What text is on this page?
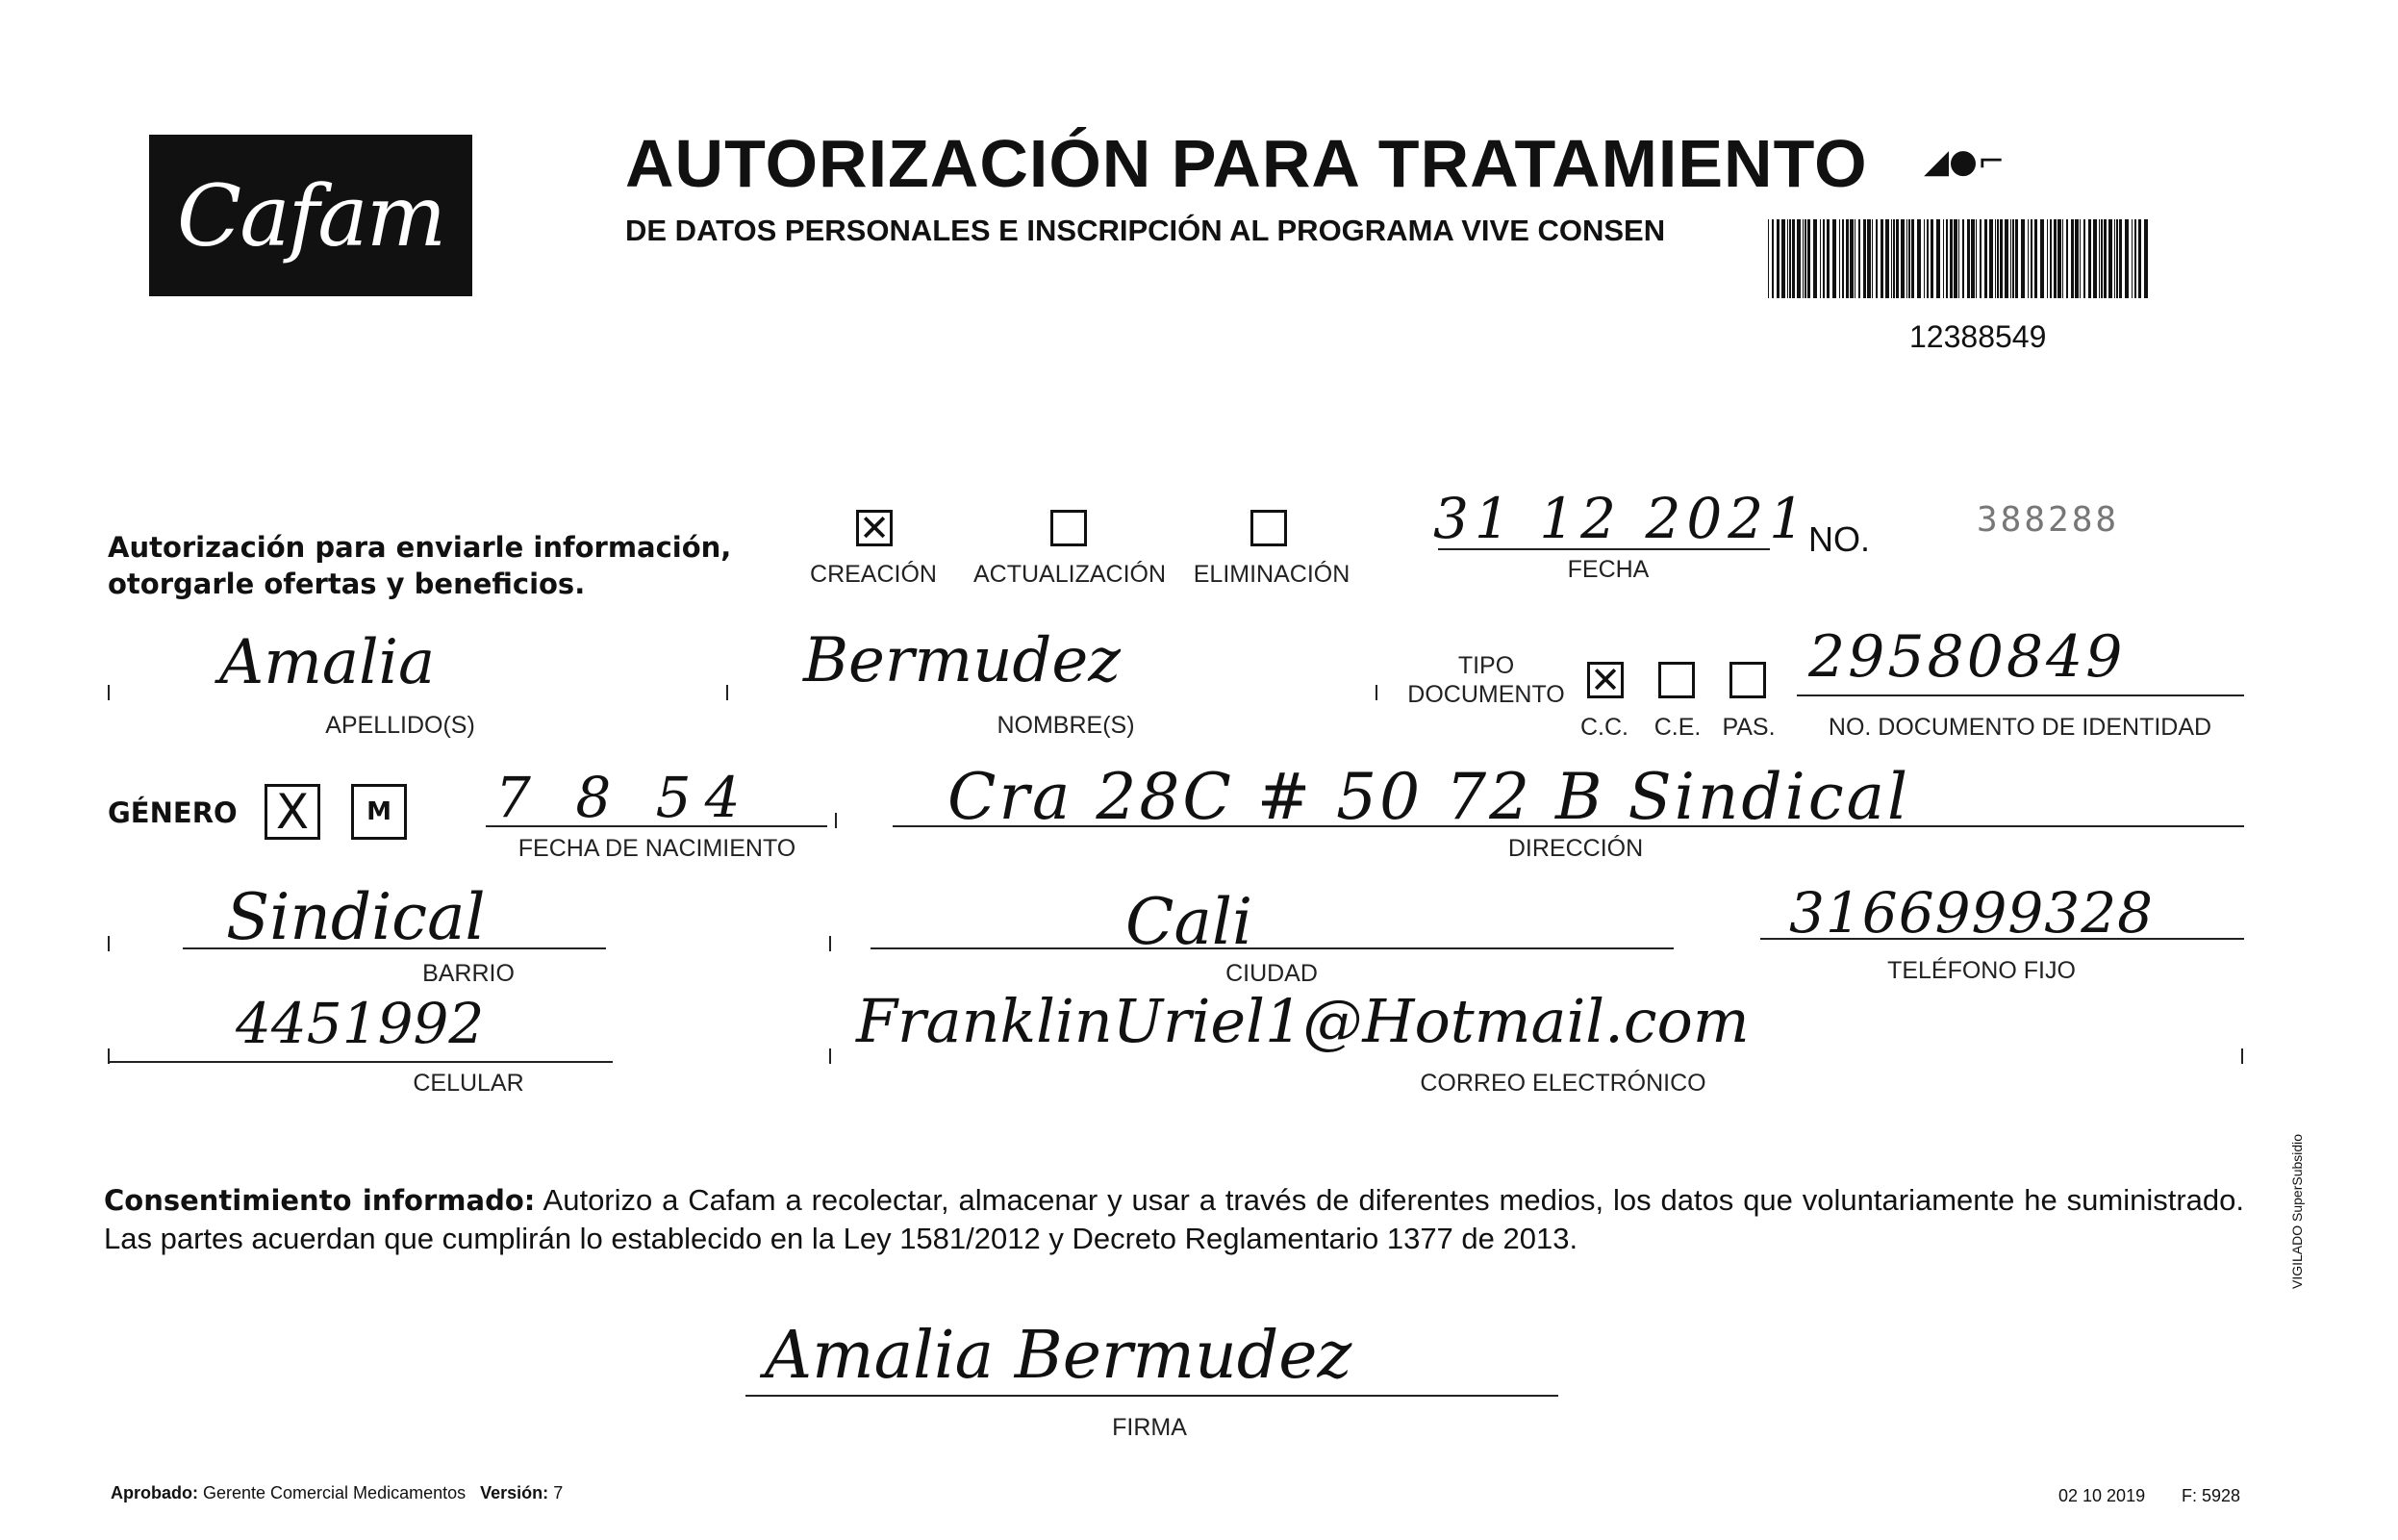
Cafam
AUTORIZACIÓN PARA TRATAMIENTO
DE DATOS PERSONALES E INSCRIPCIÓN AL PROGRAMA VIVE CONSEN
◢●⌐
12388549
Autorización para enviarle información,
otorgarle ofertas y beneficios.
✕
CREACIÓN ACTUALIZACIÓN ELIMINACIÓN
31 12 2021
FECHA
NO.	388288
Amalia
APELLIDO(S)
Bermudez
NOMBRE(S)
TIPO
DOCUMENTO ✕
C.C. C.E. PAS.
29580849
NO. DOCUMENTO DE IDENTIDAD
GÉNERO X M 7 8 54
FECHA DE NACIMIENTO
Cra 28C # 50 72 B Sindical
DIRECCIÓN
Sindical
BARRIO
Cali
CIUDAD
3166999328
TELÉFONO FIJO
4451992
CELULAR
FranklinUriel1@Hotmail.com
CORREO ELECTRÓNICO
Consentimiento informado: Autorizo a Cafam a recolectar, almacenar y usar a través de diferentes medios, los datos que voluntariamente he suministrado. Las partes acuerdan que cumplirán lo establecido en la Ley 1581/2012 y Decreto Reglamentario 1377 de 2013.
Amalia Bermudez
FIRMA
Aprobado: Gerente Comercial Medicamentos Versión: 7	02 10 2019 F: 5928
VIGILADO SuperSubsidio
